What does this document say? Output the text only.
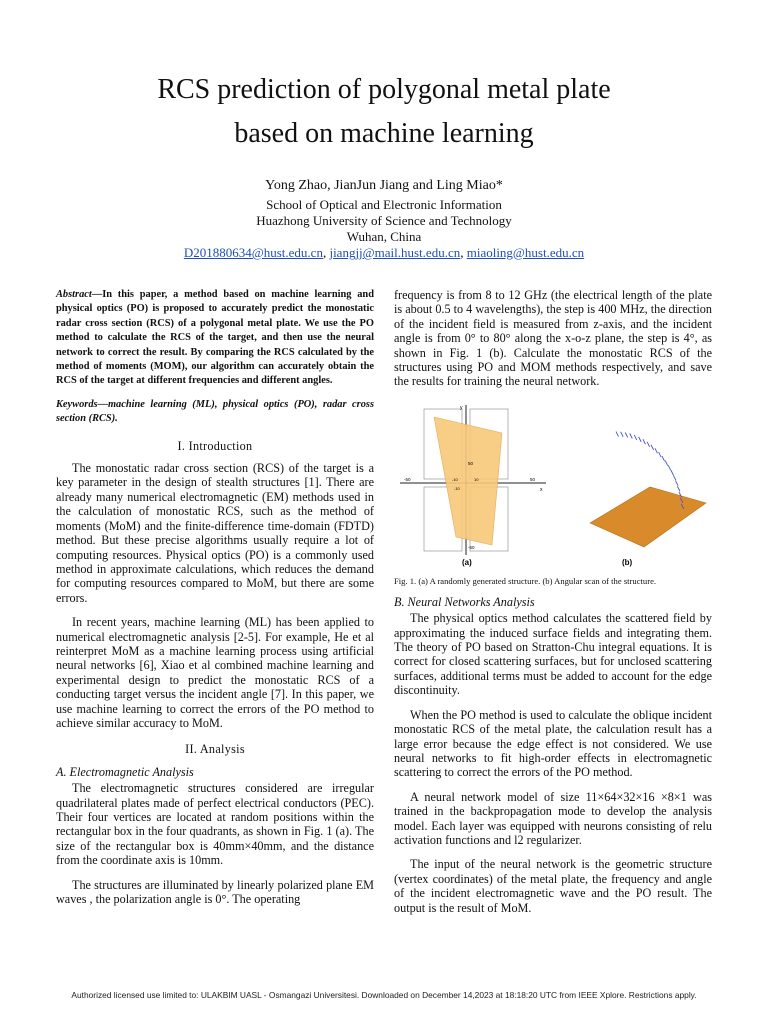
RCS prediction of polygonal metal plate
based on machine learning
Yong Zhao, JianJun Jiang and Ling Miao*
School of Optical and Electronic Information
Huazhong University of Science and Technology
Wuhan, China
D201880634@hust.edu.cn, jiangjj@mail.hust.edu.cn, miaoling@hust.edu.cn

Abstract—In this paper, a method based on machine learning and physical optics (PO) is proposed to accurately predict the monostatic radar cross section (RCS) of a polygonal metal plate. We use the PO method to calculate the RCS of the target, and then use the neural network to correct the result. By comparing the RCS calculated by the method of moments (MOM), our algorithm can accurately obtain the RCS of the target at different frequencies and different angles.

Keywords—machine learning (ML), physical optics (PO), radar cross section (RCS).

I. Introduction

The monostatic radar cross section (RCS) of the target is a key parameter in the design of stealth structures [1]. There are already many numerical electromagnetic (EM) methods used in the calculation of monostatic RCS, such as the method of moments (MoM) and the finite-difference time-domain (FDTD) method. But these precise algorithms usually require a lot of computing resources. Physical optics (PO) is a commonly used method in approximate calculations, which reduces the demand for computing resources compared to MoM, but there are some errors.

In recent years, machine learning (ML) has been applied to numerical electromagnetic analysis [2-5]. For example, He et al reinterpret MoM as a machine learning process using artificial neural networks [6], Xiao et al combined machine learning and experimental design to predict the monostatic RCS of a conducting target versus the incident angle [7]. In this paper, we use machine learning to correct the errors of the PO method to achieve similar accuracy to MoM.

II. Analysis
A. Electromagnetic Analysis

The electromagnetic structures considered are irregular quadrilateral plates made of perfect electrical conductors (PEC). Their four vertices are located at random positions within the rectangular box in the four quadrants, as shown in Fig. 1 (a). The size of the rectangular box is 40mm×40mm, and the distance from the coordinate axis is 10mm.

The structures are illuminated by linearly polarized plane EM waves , the polarization angle is 0°. The operating

frequency is from 8 to 12 GHz (the electrical length of the plate is about 0.5 to 4 wavelengths), the step is 400 MHz, the direction of the incident field is measured from z-axis, and the incident angle is from 0° to 80° along the x-o-z plane, the step is 4°, as shown in Fig. 1 (b). Calculate the monostatic RCS of the structures using PO and MOM methods respectively, and save the results for training the neural network.

y
x
-50	50
50
-50
-10	10
-10
(a)	(b)

Fig. 1. (a) A randomly generated structure. (b) Angular scan of the structure.

B. Neural Networks Analysis

The physical optics method calculates the scattered field by approximating the induced surface fields and integrating them. The theory of PO based on Stratton-Chu integral equations. It is correct for closed scattering surfaces, but for unclosed scattering surfaces, additional terms must be added to account for the edge discontinuity.

When the PO method is used to calculate the oblique incident monostatic RCS of the metal plate, the calculation result has a large error because the edge effect is not considered. We use neural networks to fit high-order effects in electromagnetic scattering to correct the errors of the PO method.

A neural network model of size 11×64×32×16 ×8×1 was trained in the backpropagation mode to develop the analysis model. Each layer was equipped with neurons consisting of relu activation functions and l2 regularizer.

The input of the neural network is the geometric structure (vertex coordinates) of the metal plate, the frequency and angle of the incident electromagnetic wave and the PO result. The output is the result of MoM.

Authorized licensed use limited to: ULAKBIM UASL - Osmangazi Universitesi. Downloaded on December 14,2023 at 18:18:20 UTC from IEEE Xplore. Restrictions apply.
